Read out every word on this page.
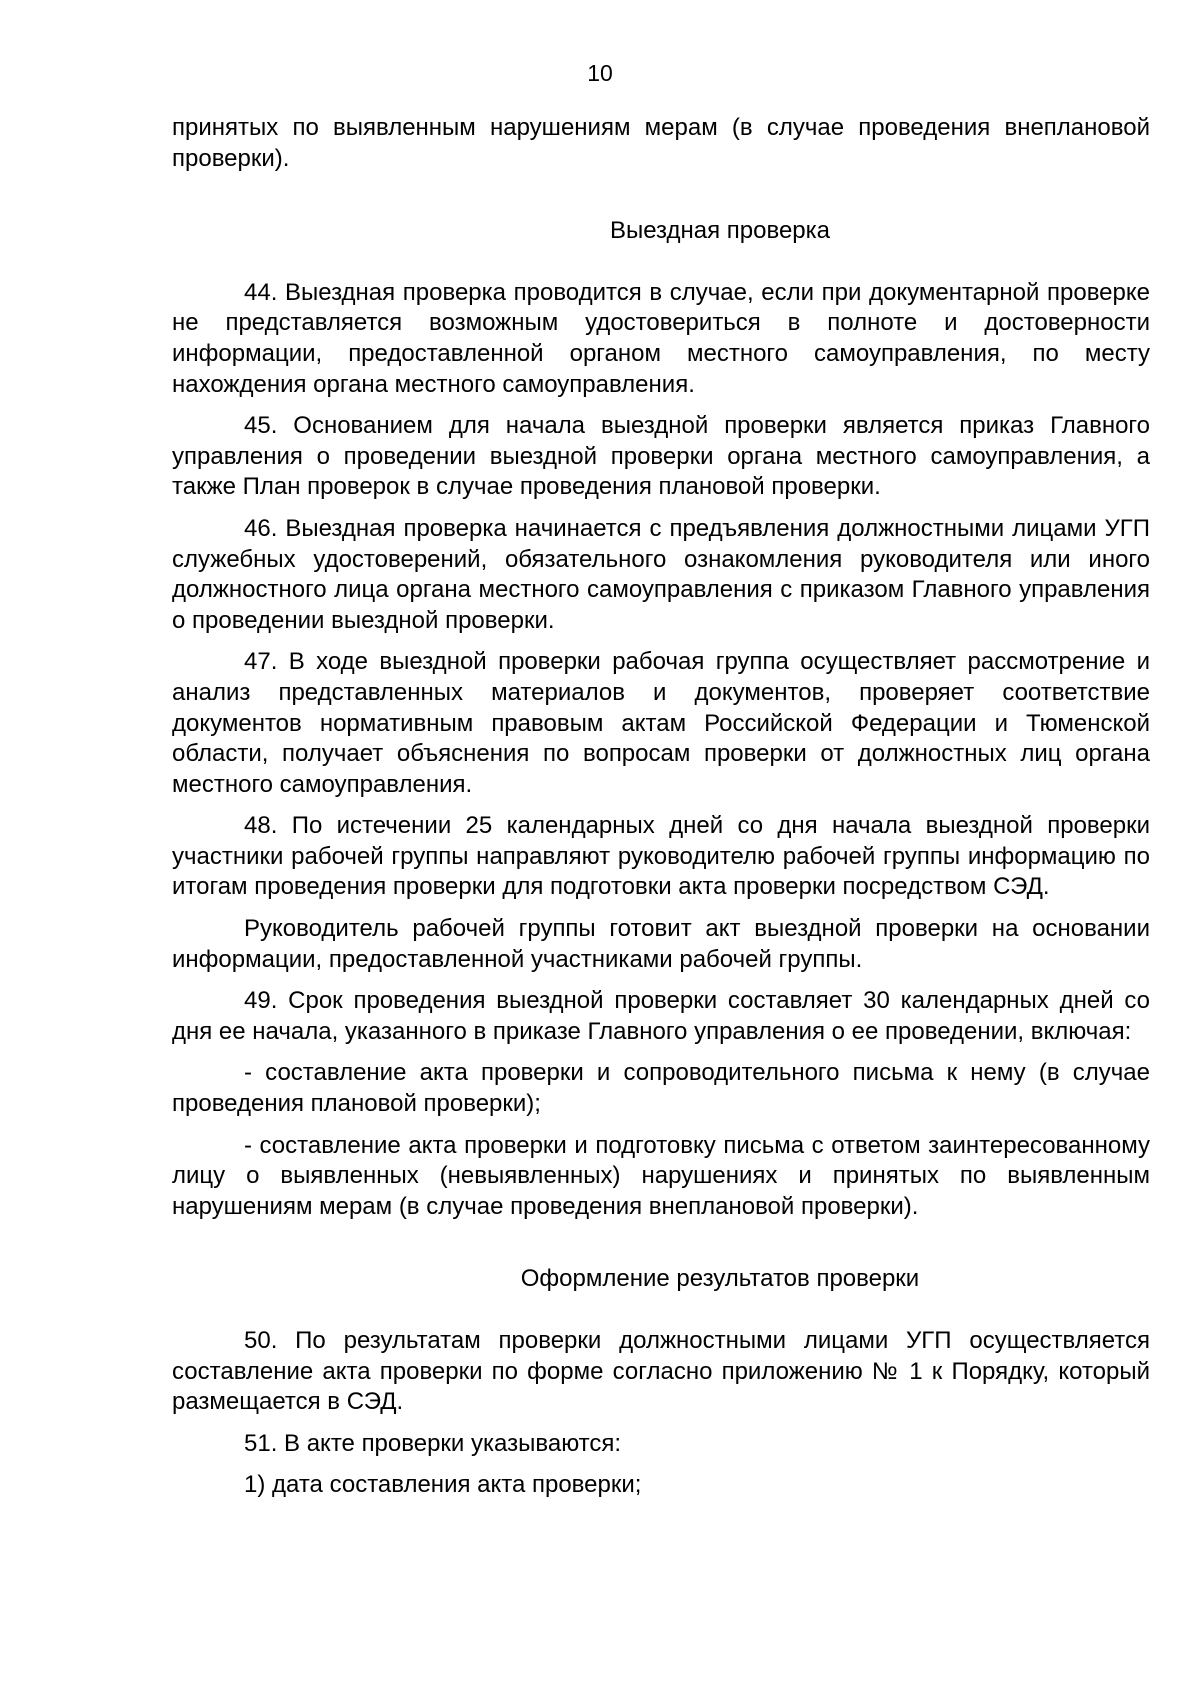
10

принятых по выявленным нарушениям мерам (в случае проведения внеплановой проверки).

Выездная проверка

44. Выездная проверка проводится в случае, если при документарной проверке не представляется возможным удостовериться в полноте и достоверности информации, предоставленной органом местного самоуправления, по месту нахождения органа местного самоуправления.

45. Основанием для начала выездной проверки является приказ Главного управления о проведении выездной проверки органа местного самоуправления, а также План проверок в случае проведения плановой проверки.

46. Выездная проверка начинается с предъявления должностными лицами УГП служебных удостоверений, обязательного ознакомления руководителя или иного должностного лица органа местного самоуправления с приказом Главного управления о проведении выездной проверки.

47. В ходе выездной проверки рабочая группа осуществляет рассмотрение и анализ представленных материалов и документов, проверяет соответствие документов нормативным правовым актам Российской Федерации и Тюменской области, получает объяснения по вопросам проверки от должностных лиц органа местного самоуправления.

48. По истечении 25 календарных дней со дня начала выездной проверки участники рабочей группы направляют руководителю рабочей группы информацию по итогам проведения проверки для подготовки акта проверки посредством СЭД.

Руководитель рабочей группы готовит акт выездной проверки на основании информации, предоставленной участниками рабочей группы.

49. Срок проведения выездной проверки составляет 30 календарных дней со дня ее начала, указанного в приказе Главного управления о ее проведении, включая:

- составление акта проверки и сопроводительного письма к нему (в случае проведения плановой проверки);

- составление акта проверки и подготовку письма с ответом заинтересованному лицу о выявленных (невыявленных) нарушениях и принятых по выявленным нарушениям мерам (в случае проведения внеплановой проверки).

Оформление результатов проверки

50. По результатам проверки должностными лицами УГП осуществляется составление акта проверки по форме согласно приложению № 1 к Порядку, который размещается в СЭД.

51. В акте проверки указываются:

1) дата составления акта проверки;
